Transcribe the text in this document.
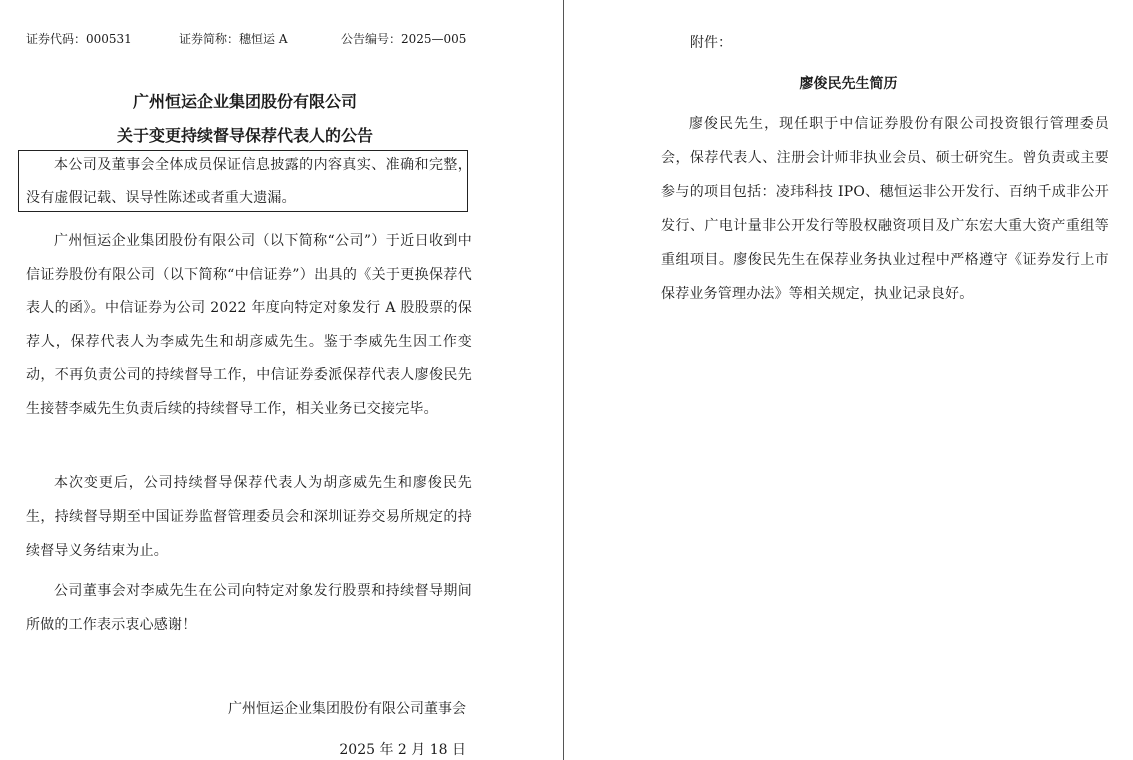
证券代码：000531	证券简称：穗恒运 A	公告编号：2025—005
广州恒运企业集团股份有限公司
关于变更持续督导保荐代表人的公告

本公司及董事会全体成员保证信息披露的内容真实、准确和完整，没有虚假记载、误导性陈述或者重大遗漏。

广州恒运企业集团股份有限公司（以下简称“公司”）于近日收到中信证券股份有限公司（以下简称“中信证券”）出具的《关于更换保荐代表人的函》。中信证券为公司 2022 年度向特定对象发行 A 股股票的保荐人，保荐代表人为李威先生和胡彦威先生。鉴于李威先生因工作变动，不再负责公司的持续督导工作，中信证券委派保荐代表人廖俊民先生接替李威先生负责后续的持续督导工作，相关业务已交接完毕。

本次变更后，公司持续督导保荐代表人为胡彦威先生和廖俊民先生，持续督导期至中国证券监督管理委员会和深圳证券交易所规定的持续督导义务结束为止。

公司董事会对李威先生在公司向特定对象发行股票和持续督导期间所做的工作表示衷心感谢！

广州恒运企业集团股份有限公司董事会
2025 年 2 月 18 日
附件：
廖俊民先生简历

廖俊民先生，现任职于中信证券股份有限公司投资银行管理委员会，保荐代表人、注册会计师非执业会员、硕士研究生。曾负责或主要参与的项目包括：凌玮科技 IPO、穗恒运非公开发行、百纳千成非公开发行、广电计量非公开发行等股权融资项目及广东宏大重大资产重组等重组项目。廖俊民先生在保荐业务执业过程中严格遵守《证券发行上市保荐业务管理办法》等相关规定，执业记录良好。
